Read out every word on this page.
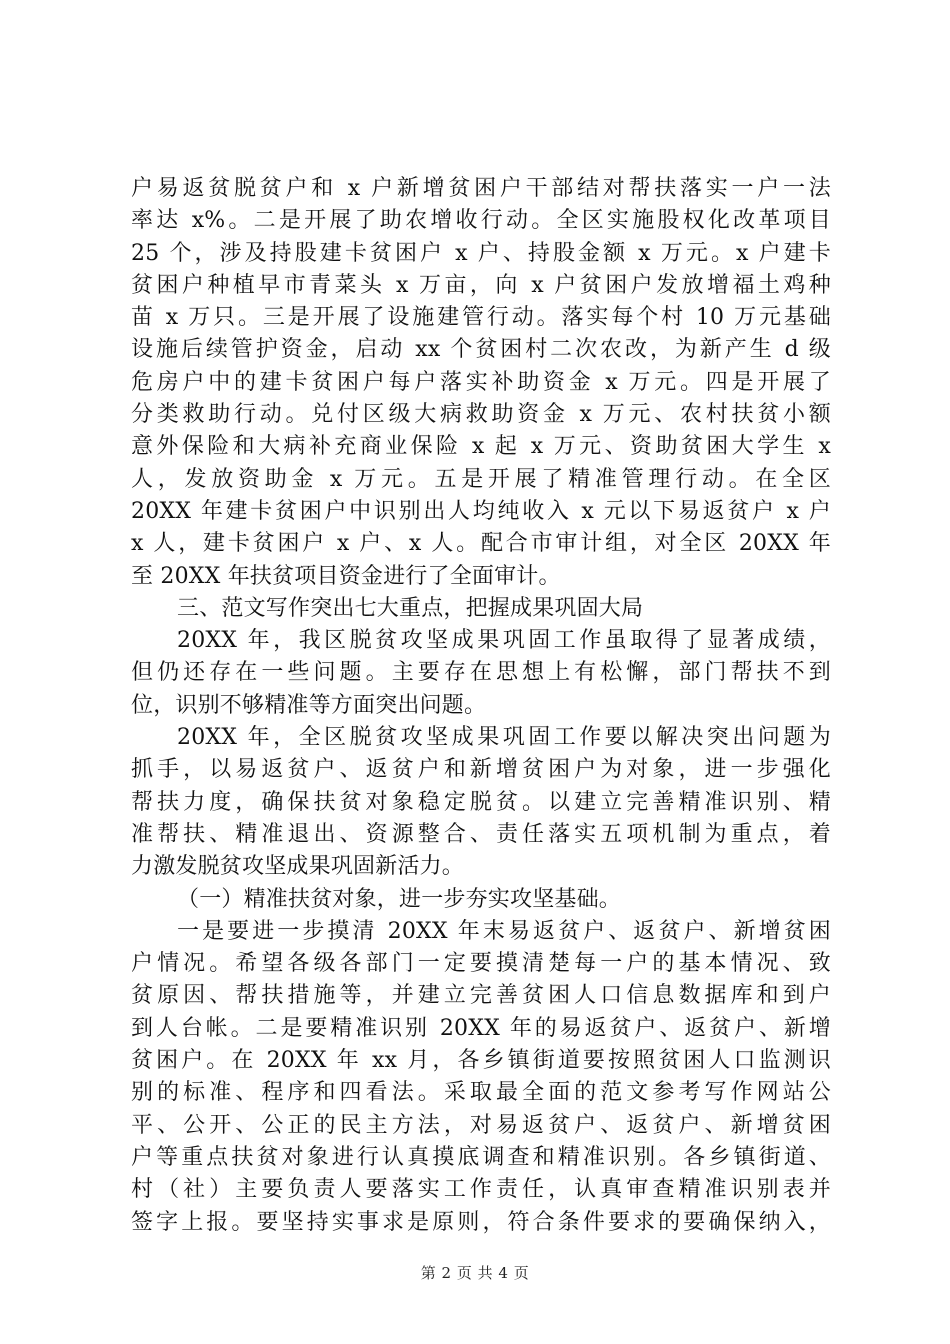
户易返贫脱贫户和 x 户新增贫困户干部结对帮扶落实一户一法
率达 x%。二是开展了助农增收行动。全区实施股权化改革项目
25 个，涉及持股建卡贫困户 x 户、持股金额 x 万元。x 户建卡
贫困户种植早市青菜头 x 万亩，向 x 户贫困户发放增福土鸡种
苗 x 万只。三是开展了设施建管行动。落实每个村 10 万元基础
设施后续管护资金，启动 xx 个贫困村二次农改，为新产生 d 级
危房户中的建卡贫困户每户落实补助资金 x 万元。四是开展了
分类救助行动。兑付区级大病救助资金 x 万元、农村扶贫小额
意外保险和大病补充商业保险 x 起 x 万元、资助贫困大学生 x
人，发放资助金 x 万元。五是开展了精准管理行动。在全区
20XX 年建卡贫困户中识别出人均纯收入 x 元以下易返贫户 x 户
x 人，建卡贫困户 x 户、x 人。配合市审计组，对全区 20XX 年
至 20XX 年扶贫项目资金进行了全面审计。
三、范文写作突出七大重点，把握成果巩固大局
20XX 年，我区脱贫攻坚成果巩固工作虽取得了显著成绩，
但仍还存在一些问题。主要存在思想上有松懈，部门帮扶不到
位，识别不够精准等方面突出问题。
20XX 年，全区脱贫攻坚成果巩固工作要以解决突出问题为
抓手，以易返贫户、返贫户和新增贫困户为对象，进一步强化
帮扶力度，确保扶贫对象稳定脱贫。以建立完善精准识别、精
准帮扶、精准退出、资源整合、责任落实五项机制为重点，着
力激发脱贫攻坚成果巩固新活力。
（一）精准扶贫对象，进一步夯实攻坚基础。
一是要进一步摸清 20XX 年末易返贫户、返贫户、新增贫困
户情况。希望各级各部门一定要摸清楚每一户的基本情况、致
贫原因、帮扶措施等，并建立完善贫困人口信息数据库和到户
到人台帐。二是要精准识别 20XX 年的易返贫户、返贫户、新增
贫困户。在 20XX 年 xx 月，各乡镇街道要按照贫困人口监测识
别的标准、程序和四看法。采取最全面的范文参考写作网站公
平、公开、公正的民主方法，对易返贫户、返贫户、新增贫困
户等重点扶贫对象进行认真摸底调查和精准识别。各乡镇街道、
村（社）主要负责人要落实工作责任，认真审查精准识别表并
签字上报。要坚持实事求是原则，符合条件要求的要确保纳入，
第 2 页 共 4 页
